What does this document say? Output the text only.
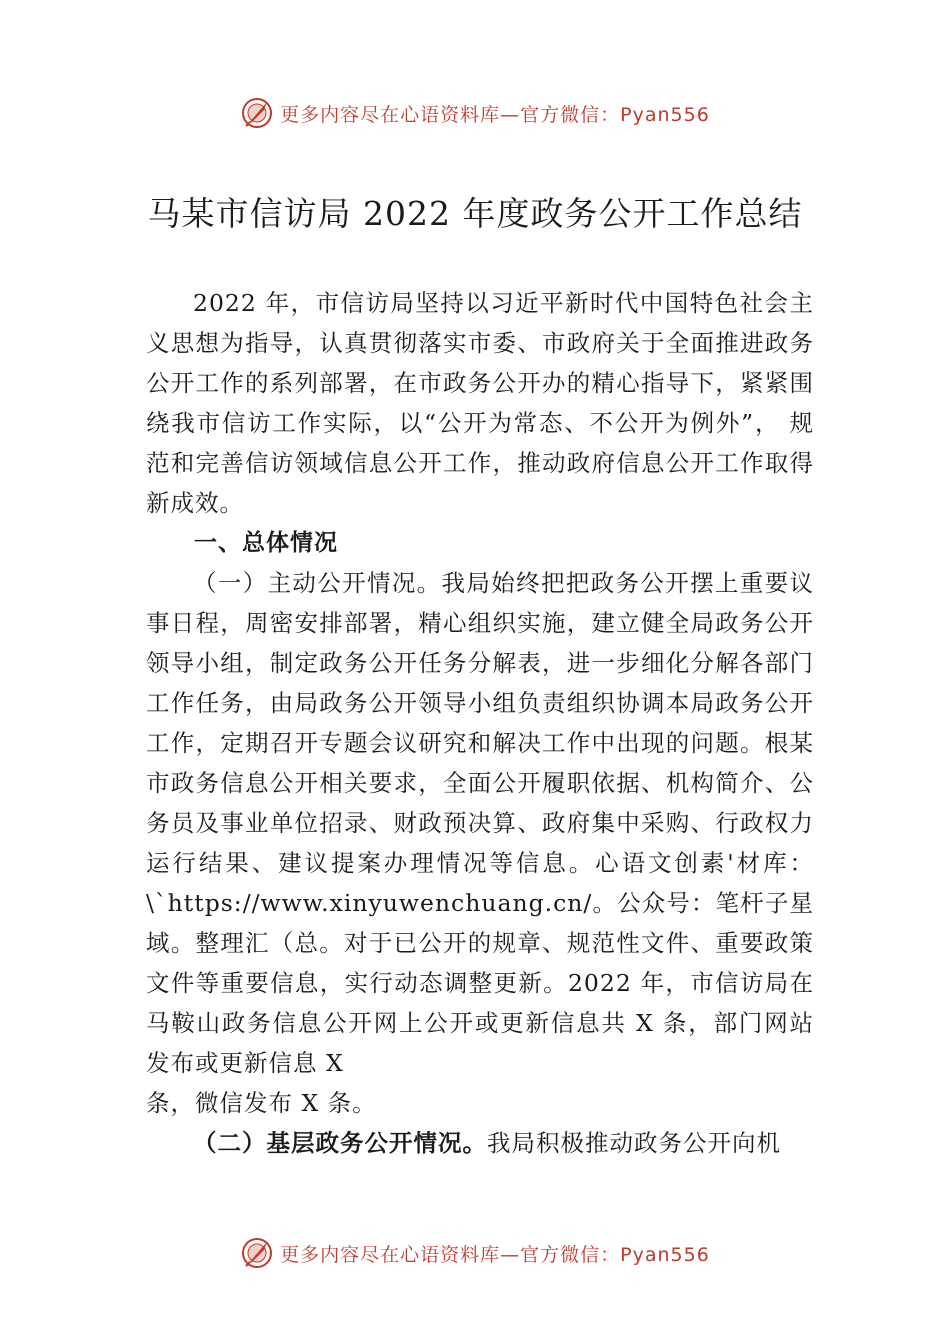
更多内容尽在心语资料库—官方微信：Pyan556
马某市信访局 2022 年度政务公开工作总结

2022 年，市信访局坚持以习近平新时代中国特色社会主义思想为指导，认真贯彻落实市委、市政府关于全面推进政务公开工作的系列部署，在市政务公开办的精心指导下，紧紧围绕我市信访工作实际，以“公开为常态、不公开为例外”， 规范和完善信访领域信息公开工作，推动政府信息公开工作取得新成效。

一、总体情况

（一）主动公开情况。我局始终把把政务公开摆上重要议事日程，周密安排部署，精心组织实施，建立健全局政务公开领导小组，制定政务公开任务分解表，进一步细化分解各部门工作任务，由局政务公开领导小组负责组织协调本局政务公开工作，定期召开专题会议研究和解决工作中出现的问题。根某市政务信息公开相关要求，全面公开履职依据、机构简介、公务员及事业单位招录、财政预决算、政府集中采购、行政权力运行结果、建议提案办理情况等信息。心语文创素'材库：\`https://www.xinyuwenchuang.cn/。公众号：笔杆子星域。整理汇（总。对于已公开的规章、规范性文件、重要政策文件等重要信息，实行动态调整更新。2022 年，市信访局在马鞍山政务信息公开网上公开或更新信息共 X 条，部门网站发布或更新信息 X

条，微信发布 X 条。

（二）基层政务公开情况。我局积极推动政务公开向机

更多内容尽在心语资料库—官方微信：Pyan556
